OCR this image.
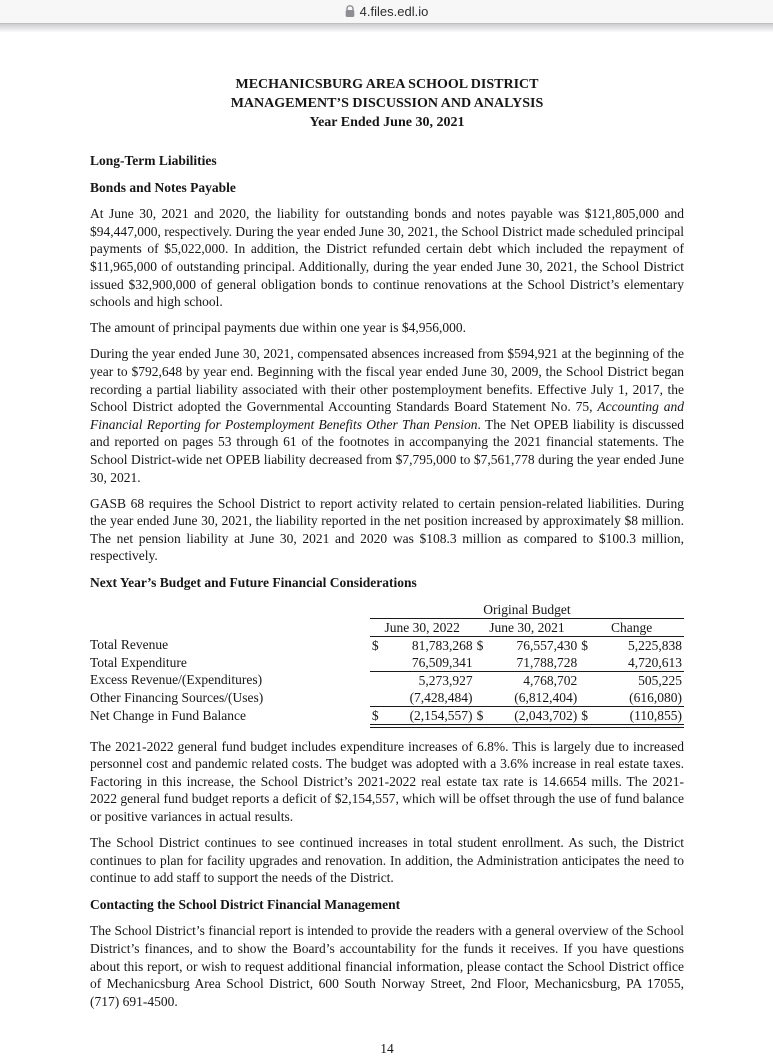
4.files.edl.io
MECHANICSBURG AREA SCHOOL DISTRICT
MANAGEMENT’S DISCUSSION AND ANALYSIS
Year Ended June 30, 2021
Long-Term Liabilities
Bonds and Notes Payable

At June 30, 2021 and 2020, the liability for outstanding bonds and notes payable was $121,805,000 and $94,447,000, respectively. During the year ended June 30, 2021, the School District made scheduled principal payments of $5,022,000. In addition, the District refunded certain debt which included the repayment of $11,965,000 of outstanding principal. Additionally, during the year ended June 30, 2021, the School District issued $32,900,000 of general obligation bonds to continue renovations at the School District’s elementary schools and high school.

The amount of principal payments due within one year is $4,956,000.

During the year ended June 30, 2021, compensated absences increased from $594,921 at the beginning of the year to $792,648 by year end. Beginning with the fiscal year ended June 30, 2009, the School District began recording a partial liability associated with their other postemployment benefits. Effective July 1, 2017, the School District adopted the Governmental Accounting Standards Board Statement No. 75, Accounting and Financial Reporting for Postemployment Benefits Other Than Pension. The Net OPEB liability is discussed and reported on pages 53 through 61 of the footnotes in accompanying the 2021 financial statements. The School District-wide net OPEB liability decreased from $7,795,000 to $7,561,778 during the year ended June 30, 2021.

GASB 68 requires the School District to report activity related to certain pension-related liabilities. During the year ended June 30, 2021, the liability reported in the net position increased by approximately $8 million. The net pension liability at June 30, 2021 and 2020 was $108.3 million as compared to $100.3 million, respectively.

Next Year’s Budget and Future Financial Considerations
	Original Budget					
	June 30, 2022		June 30, 2021		Change	
Total Revenue	$	81,783,268	$	76,557,430	$	5,225,838
Total Expenditure		76,509,341		71,788,728		4,720,613
Excess Revenue/(Expenditures)		5,273,927		4,768,702		505,225
Other Financing Sources/(Uses)		(7,428,484)		(6,812,404)		(616,080)
Net Change in Fund Balance	$	(2,154,557)	$	(2,043,702)	$	(110,855)

The 2021-2022 general fund budget includes expenditure increases of 6.8%. This is largely due to increased personnel cost and pandemic related costs. The budget was adopted with a 3.6% increase in real estate taxes. Factoring in this increase, the School District’s 2021-2022 real estate tax rate is 14.6654 mills. The 2021-2022 general fund budget reports a deficit of $2,154,557, which will be offset through the use of fund balance or positive variances in actual results.

The School District continues to see continued increases in total student enrollment. As such, the District continues to plan for facility upgrades and renovation. In addition, the Administration anticipates the need to continue to add staff to support the needs of the District.

Contacting the School District Financial Management

The School District’s financial report is intended to provide the readers with a general overview of the School District’s finances, and to show the Board’s accountability for the funds it receives. If you have questions about this report, or wish to request additional financial information, please contact the School District office of Mechanicsburg Area School District, 600 South Norway Street, 2nd Floor, Mechanicsburg, PA 17055, (717) 691-4500.

14
